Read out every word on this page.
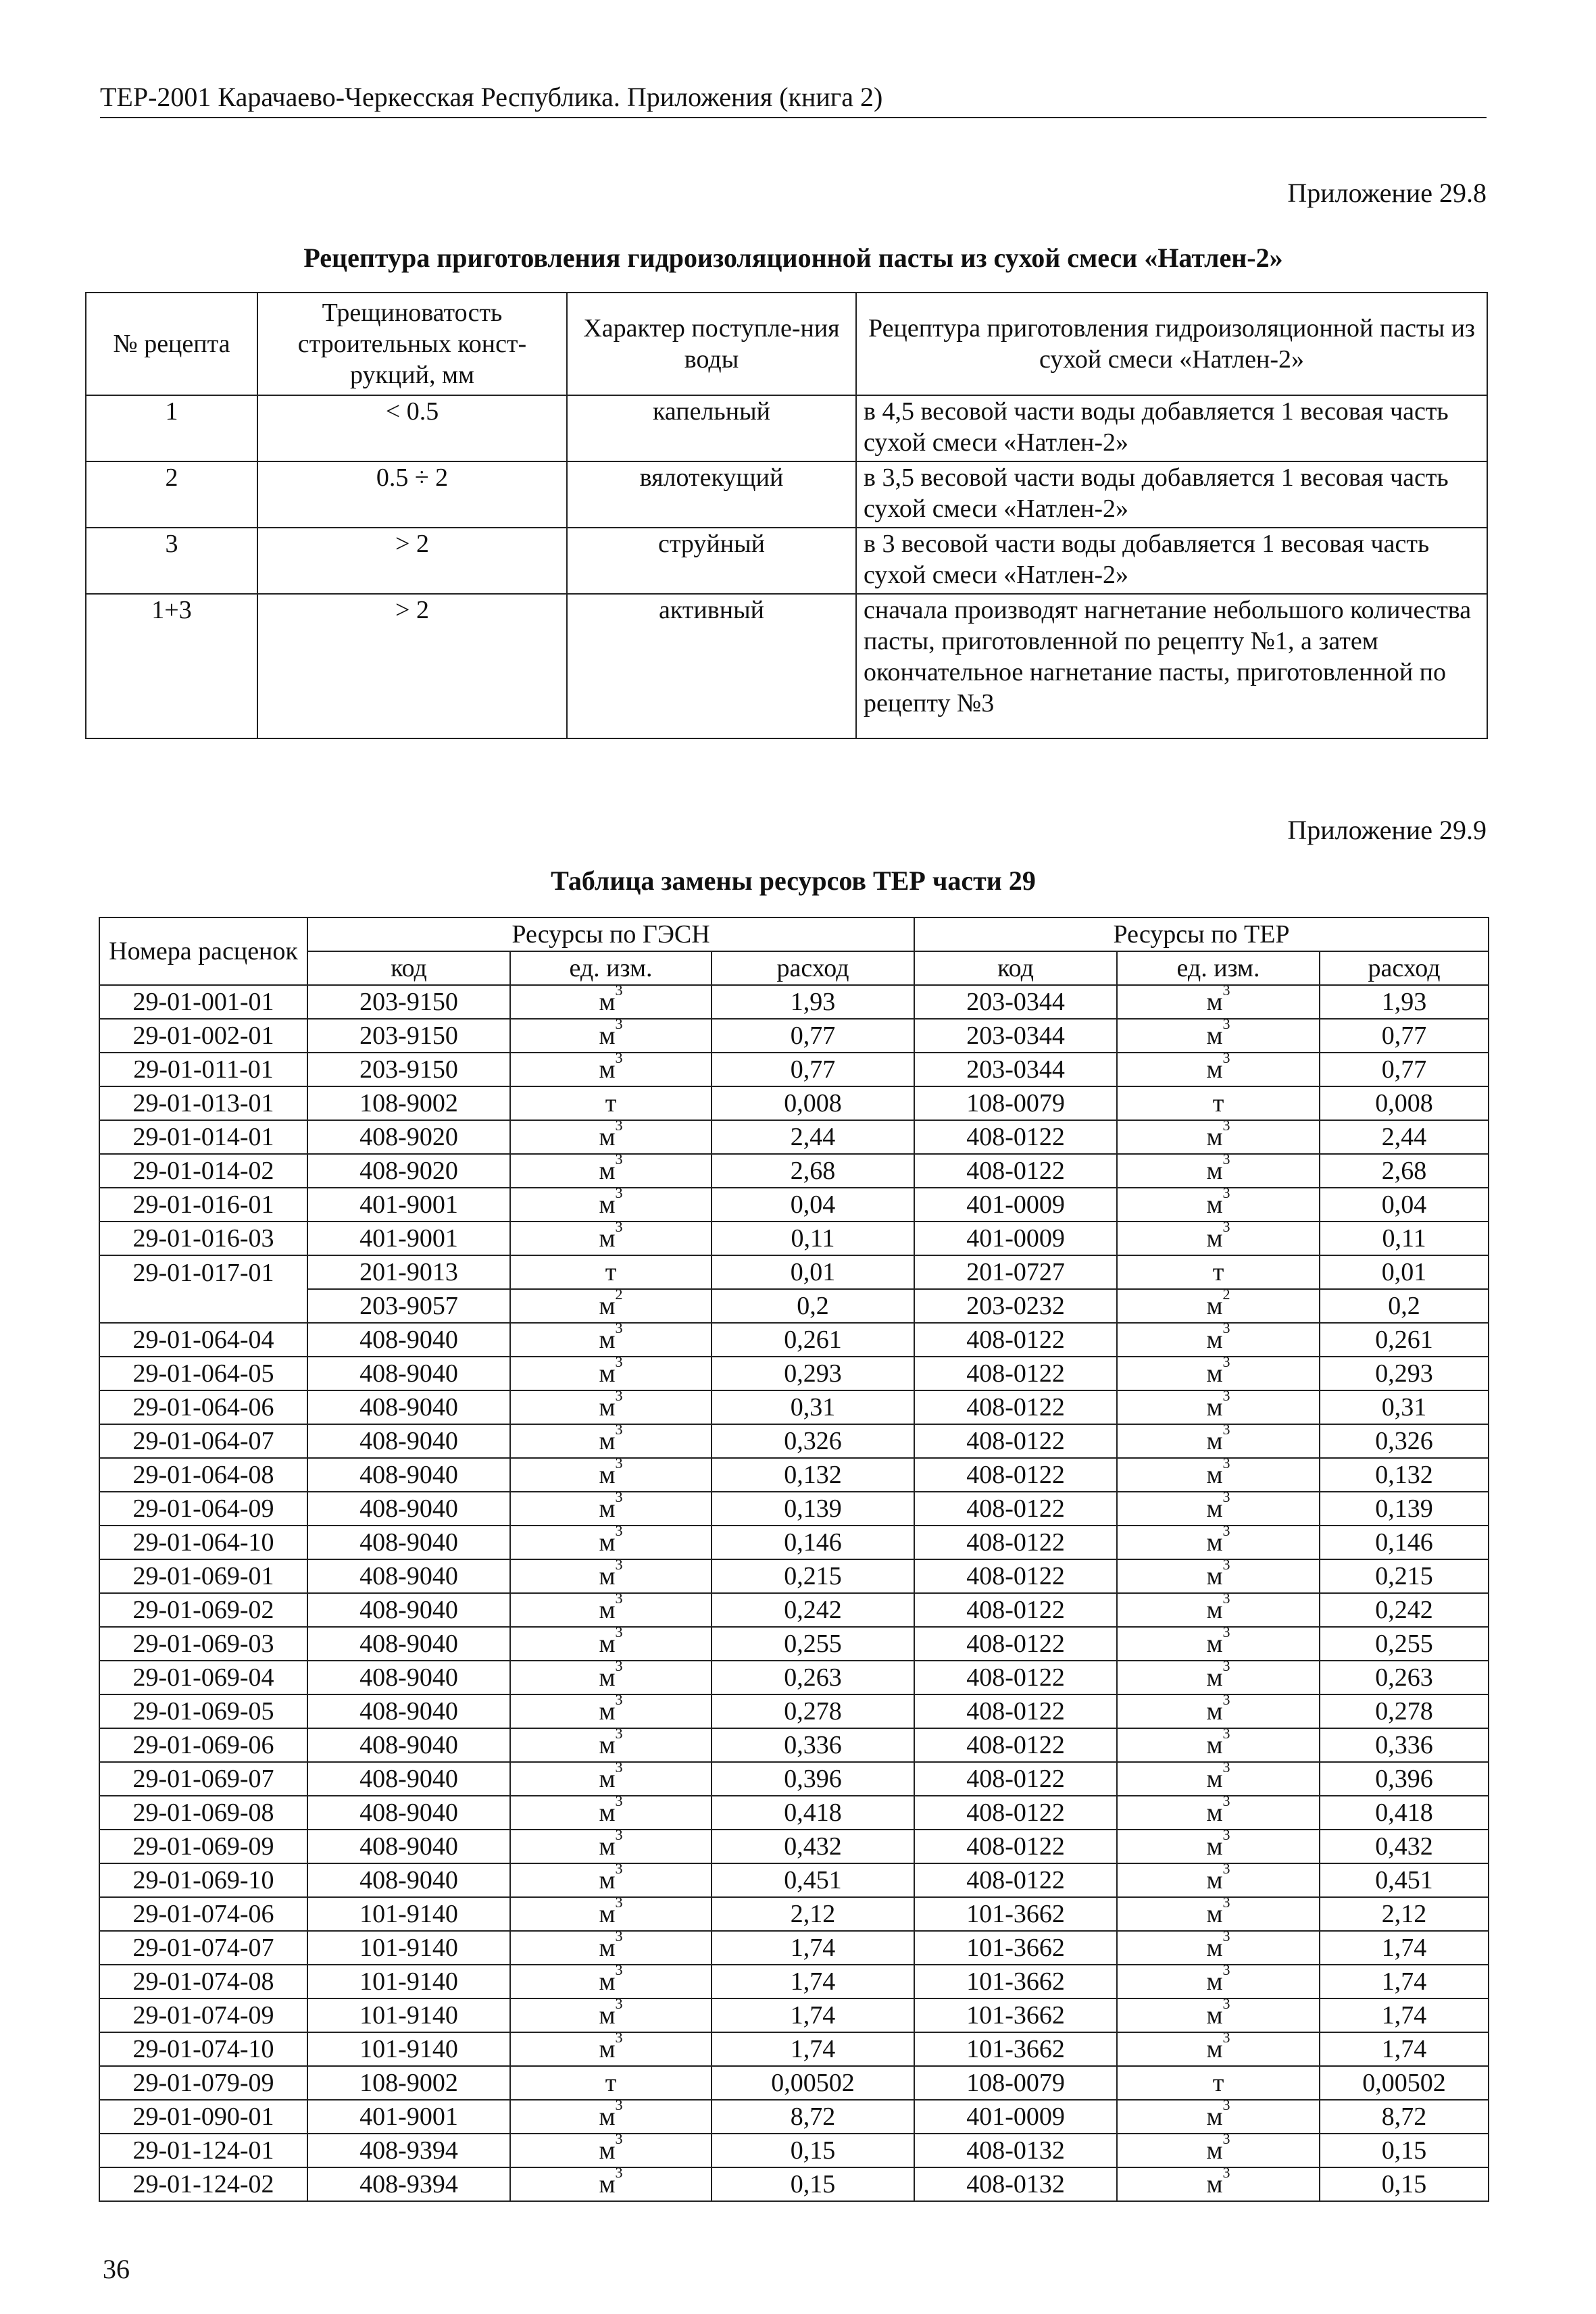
ТЕР-2001 Карачаево-Черкесская Республика. Приложения (книга 2)
Приложение 29.8
Рецептура приготовления гидроизоляционной пасты из сухой смеси «Натлен-2»
№ рецепта	Трещиноватость строительных конст-рукций, мм	Характер поступле-ния воды	Рецептура приготовления гидроизоляционной пасты из сухой смеси «Натлен-2»
1	< 0.5	капельный	в 4,5 весовой части воды добавляется 1 весовая часть сухой смеси «Натлен-2»
2	0.5 ÷ 2	вялотекущий	в 3,5 весовой части воды добавляется 1 весовая часть сухой смеси «Натлен-2»
3	> 2	струйный	в 3 весовой части воды добавляется 1 весовая часть сухой смеси «Натлен-2»
1+3	> 2	активный	сначала производят нагнетание небольшого количества пасты, приготовленной по рецепту №1, а затем окончательное нагнетание пасты, приготовленной по рецепту №3
Приложение 29.9
Таблица замены ресурсов ТЕР части 29
Номера расценок	Ресурсы по ГЭСН			Ресурсы по ТЕР		
	код	ед. изм.	расход	код	ед. изм.	расход
29-01-001-01	203-9150	$м^3$	1,93	203-0344	$м^3$	1,93
29-01-002-01	203-9150	$м^3$	0,77	203-0344	$м^3$	0,77
29-01-011-01	203-9150	$м^3$	0,77	203-0344	$м^3$	0,77
29-01-013-01	108-9002	т	0,008	108-0079	т	0,008
29-01-014-01	408-9020	$м^3$	2,44	408-0122	$м^3$	2,44
29-01-014-02	408-9020	$м^3$	2,68	408-0122	$м^3$	2,68
29-01-016-01	401-9001	$м^3$	0,04	401-0009	$м^3$	0,04
29-01-016-03	401-9001	$м^3$	0,11	401-0009	$м^3$	0,11
29-01-017-01	201-9013	т	0,01	201-0727	т	0,01
	203-9057	$м^2$	0,2	203-0232	$м^2$	0,2
29-01-064-04	408-9040	$м^3$	0,261	408-0122	$м^3$	0,261
29-01-064-05	408-9040	$м^3$	0,293	408-0122	$м^3$	0,293
29-01-064-06	408-9040	$м^3$	0,31	408-0122	$м^3$	0,31
29-01-064-07	408-9040	$м^3$	0,326	408-0122	$м^3$	0,326
29-01-064-08	408-9040	$м^3$	0,132	408-0122	$м^3$	0,132
29-01-064-09	408-9040	$м^3$	0,139	408-0122	$м^3$	0,139
29-01-064-10	408-9040	$м^3$	0,146	408-0122	$м^3$	0,146
29-01-069-01	408-9040	$м^3$	0,215	408-0122	$м^3$	0,215
29-01-069-02	408-9040	$м^3$	0,242	408-0122	$м^3$	0,242
29-01-069-03	408-9040	$м^3$	0,255	408-0122	$м^3$	0,255
29-01-069-04	408-9040	$м^3$	0,263	408-0122	$м^3$	0,263
29-01-069-05	408-9040	$м^3$	0,278	408-0122	$м^3$	0,278
29-01-069-06	408-9040	$м^3$	0,336	408-0122	$м^3$	0,336
29-01-069-07	408-9040	$м^3$	0,396	408-0122	$м^3$	0,396
29-01-069-08	408-9040	$м^3$	0,418	408-0122	$м^3$	0,418
29-01-069-09	408-9040	$м^3$	0,432	408-0122	$м^3$	0,432
29-01-069-10	408-9040	$м^3$	0,451	408-0122	$м^3$	0,451
29-01-074-06	101-9140	$м^3$	2,12	101-3662	$м^3$	2,12
29-01-074-07	101-9140	$м^3$	1,74	101-3662	$м^3$	1,74
29-01-074-08	101-9140	$м^3$	1,74	101-3662	$м^3$	1,74
29-01-074-09	101-9140	$м^3$	1,74	101-3662	$м^3$	1,74
29-01-074-10	101-9140	$м^3$	1,74	101-3662	$м^3$	1,74
29-01-079-09	108-9002	т	0,00502	108-0079	т	0,00502
29-01-090-01	401-9001	$м^3$	8,72	401-0009	$м^3$	8,72
29-01-124-01	408-9394	$м^3$	0,15	408-0132	$м^3$	0,15
29-01-124-02	408-9394	$м^3$	0,15	408-0132	$м^3$	0,15
36
